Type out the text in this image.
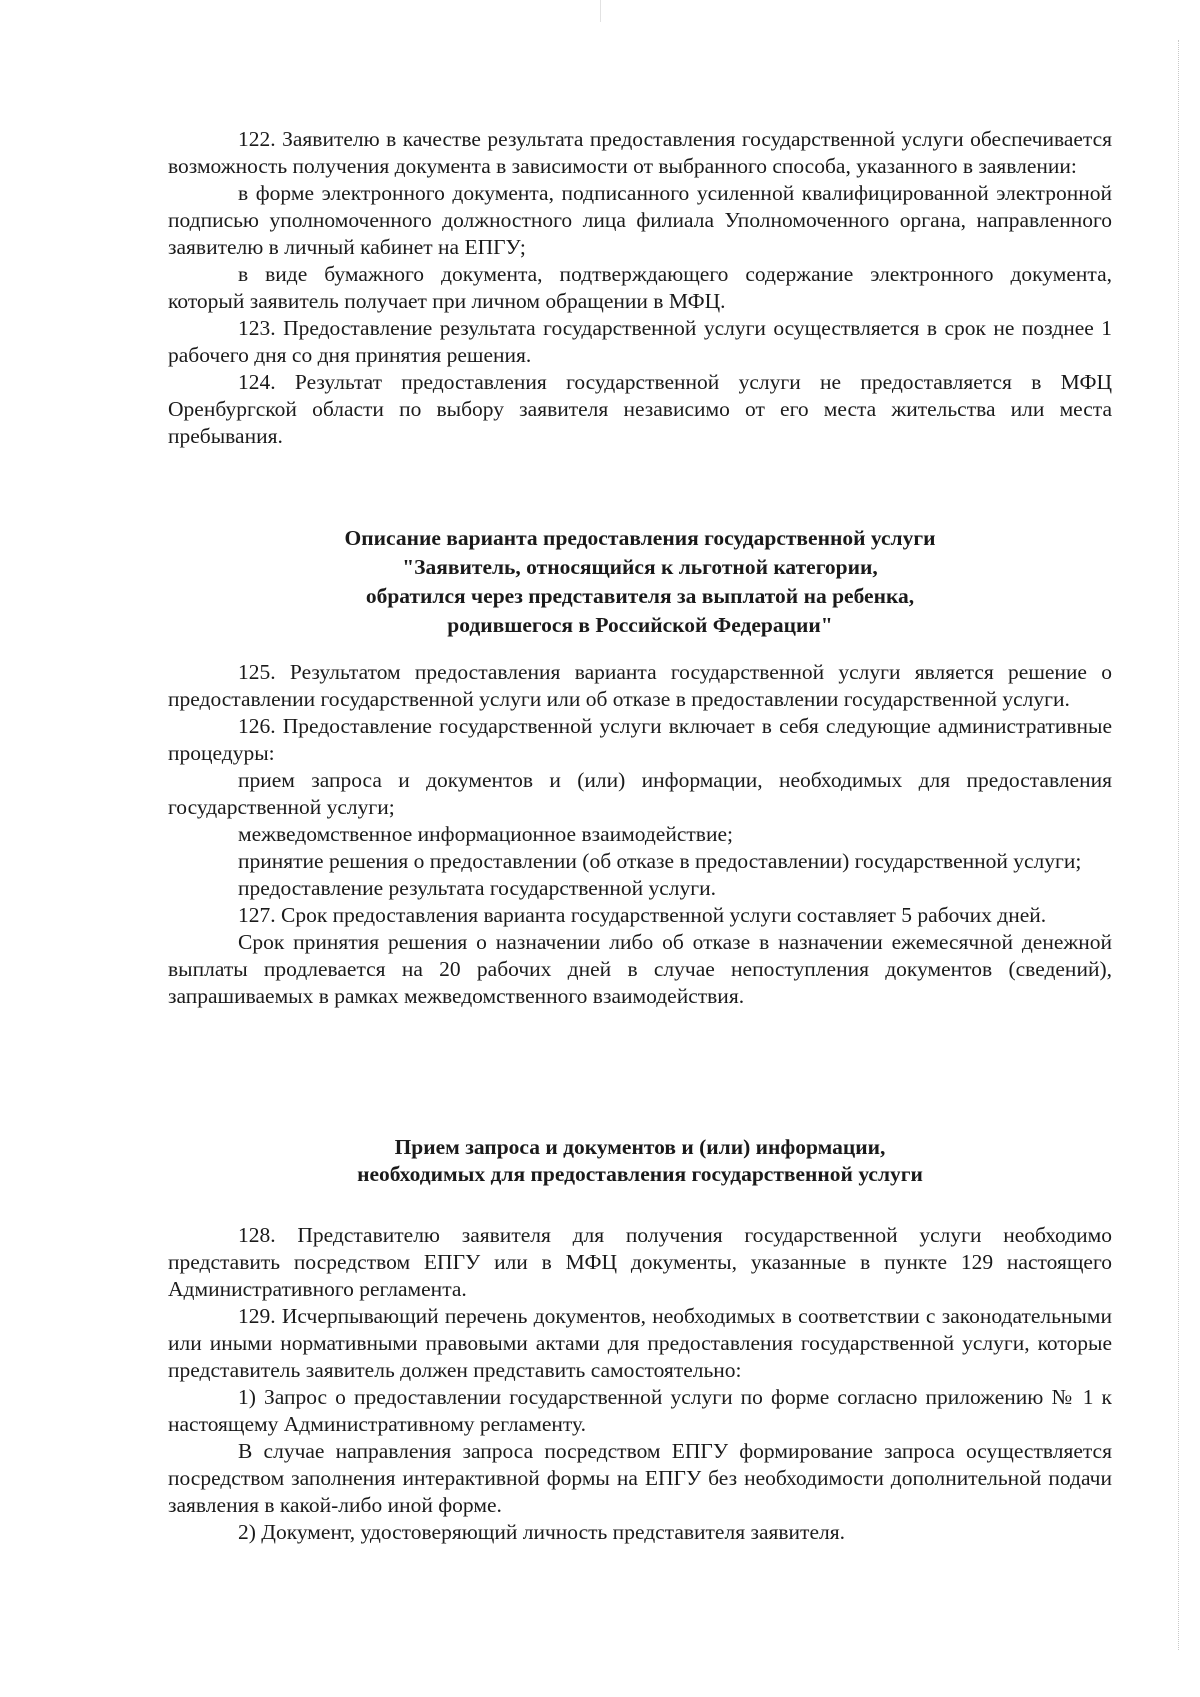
122. Заявителю в качестве результата предоставления государственной услуги обеспечивается возможность получения документа в зависимости от выбранного способа, указанного в заявлении:

в форме электронного документа, подписанного усиленной квалифицированной электронной подписью уполномоченного должностного лица филиала Уполномоченного органа, направленного заявителю в личный кабинет на ЕПГУ;

в виде бумажного документа, подтверждающего содержание электронного документа, который заявитель получает при личном обращении в МФЦ.

123. Предоставление результата государственной услуги осуществляется в срок не позднее 1 рабочего дня со дня принятия решения.

124. Результат предоставления государственной услуги не предоставляется в МФЦ Оренбургской области по выбору заявителя независимо от его места жительства или места пребывания.

Описание варианта предоставления государственной услуги

"Заявитель, относящийся к льготной категории,

обратился через представителя за выплатой на ребенка,

родившегося в Российской Федерации"

125. Результатом предоставления варианта государственной услуги является решение о предоставлении государственной услуги или об отказе в предоставлении государственной услуги.

126. Предоставление государственной услуги включает в себя следующие административные процедуры:

прием запроса и документов и (или) информации, необходимых для предоставления государственной услуги;

межведомственное информационное взаимодействие;

принятие решения о предоставлении (об отказе в предоставлении) государственной услуги;

предоставление результата государственной услуги.

127. Срок предоставления варианта государственной услуги составляет 5 рабочих дней.

Срок принятия решения о назначении либо об отказе в назначении ежемесячной денежной выплаты продлевается на 20 рабочих дней в случае непоступления документов (сведений), запрашиваемых в рамках межведомственного взаимодействия.

Прием запроса и документов и (или) информации,

необходимых для предоставления государственной услуги

128. Представителю заявителя для получения государственной услуги необходимо представить посредством ЕПГУ или в МФЦ документы, указанные в пункте 129 настоящего Административного регламента.

129. Исчерпывающий перечень документов, необходимых в соответствии с законодательными или иными нормативными правовыми актами для предоставления государственной услуги, которые представитель заявитель должен представить самостоятельно:

1) Запрос о предоставлении государственной услуги по форме согласно приложению № 1 к настоящему Административному регламенту.

В случае направления запроса посредством ЕПГУ формирование запроса осуществляется посредством заполнения интерактивной формы на ЕПГУ без необходимости дополнительной подачи заявления в какой-либо иной форме.

2) Документ, удостоверяющий личность представителя заявителя.
